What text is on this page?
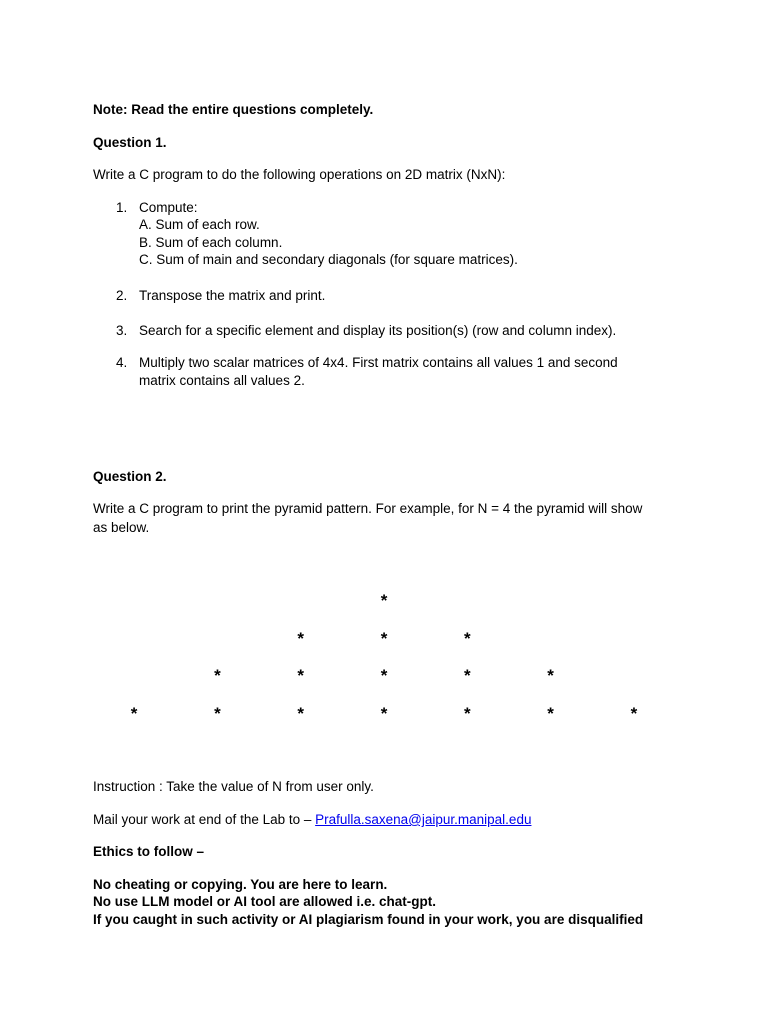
Note: Read the entire questions completely.
Question 1.
Write a C program to do the following operations on 2D matrix (NxN):
1. Compute:
A. Sum of each row.
B. Sum of each column.
C. Sum of main and secondary diagonals (for square matrices).
2. Transpose the matrix and print.
3. Search for a specific element and display its position(s) (row and column index).
4. Multiply two scalar matrices of 4x4. First matrix contains all values 1 and second
matrix contains all values 2.
Question 2.
Write a C program to print the pyramid pattern. For example, for N = 4 the pyramid will show
as below.
*
*	*	*
*	*	*	*	*
*	*	*	*	*	*	*
Instruction : Take the value of N from user only.
Mail your work at end of the Lab to – Prafulla.saxena@jaipur.manipal.edu
Ethics to follow –
No cheating or copying. You are here to learn.
No use LLM model or AI tool are allowed i.e. chat-gpt.
If you caught in such activity or AI plagiarism found in your work, you are disqualified
